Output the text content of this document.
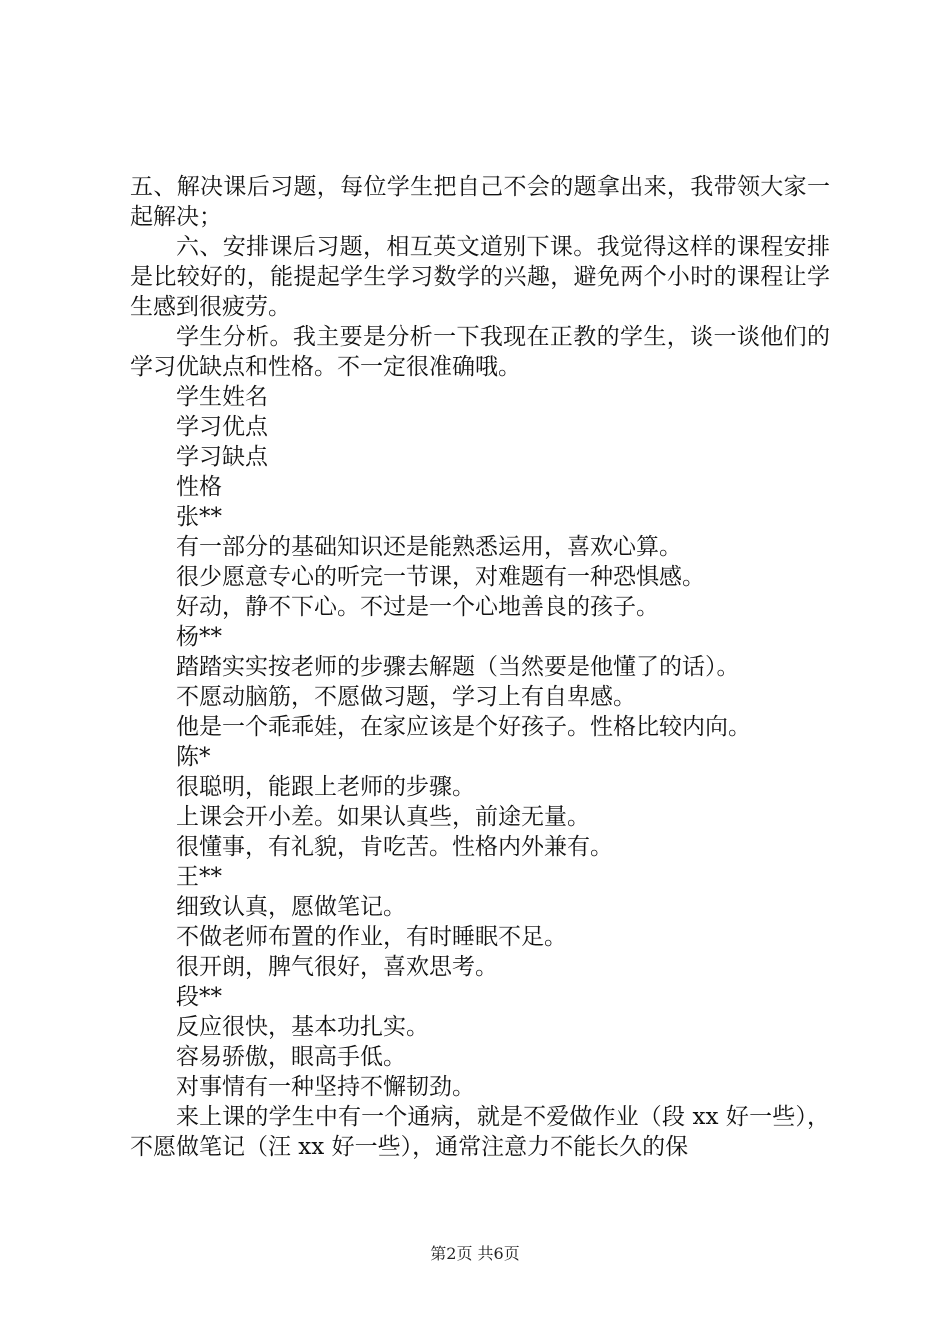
五、解决课后习题，每位学生把自己不会的题拿出来，我带领大家一起解决；

六、安排课后习题，相互英文道别下课。我觉得这样的课程安排是比较好的，能提起学生学习数学的兴趣，避免两个小时的课程让学生感到很疲劳。

学生分析。我主要是分析一下我现在正教的学生，谈一谈他们的学习优缺点和性格。不一定很准确哦。

学生姓名

学习优点

学习缺点

性格

张**

有一部分的基础知识还是能熟悉运用，喜欢心算。

很少愿意专心的听完一节课，对难题有一种恐惧感。

好动，静不下心。不过是一个心地善良的孩子。

杨**

踏踏实实按老师的步骤去解题（当然要是他懂了的话）。

不愿动脑筋，不愿做习题，学习上有自卑感。

他是一个乖乖娃，在家应该是个好孩子。性格比较内向。

陈*

很聪明，能跟上老师的步骤。

上课会开小差。如果认真些，前途无量。

很懂事，有礼貌，肯吃苦。性格内外兼有。

王**

细致认真，愿做笔记。

不做老师布置的作业，有时睡眠不足。

很开朗，脾气很好，喜欢思考。

段**

反应很快，基本功扎实。

容易骄傲，眼高手低。

对事情有一种坚持不懈韧劲。

来上课的学生中有一个通病，就是不爱做作业（段 xx 好一些），不愿做笔记（汪 xx 好一些），通常注意力不能长久的保

第2页 共6页
